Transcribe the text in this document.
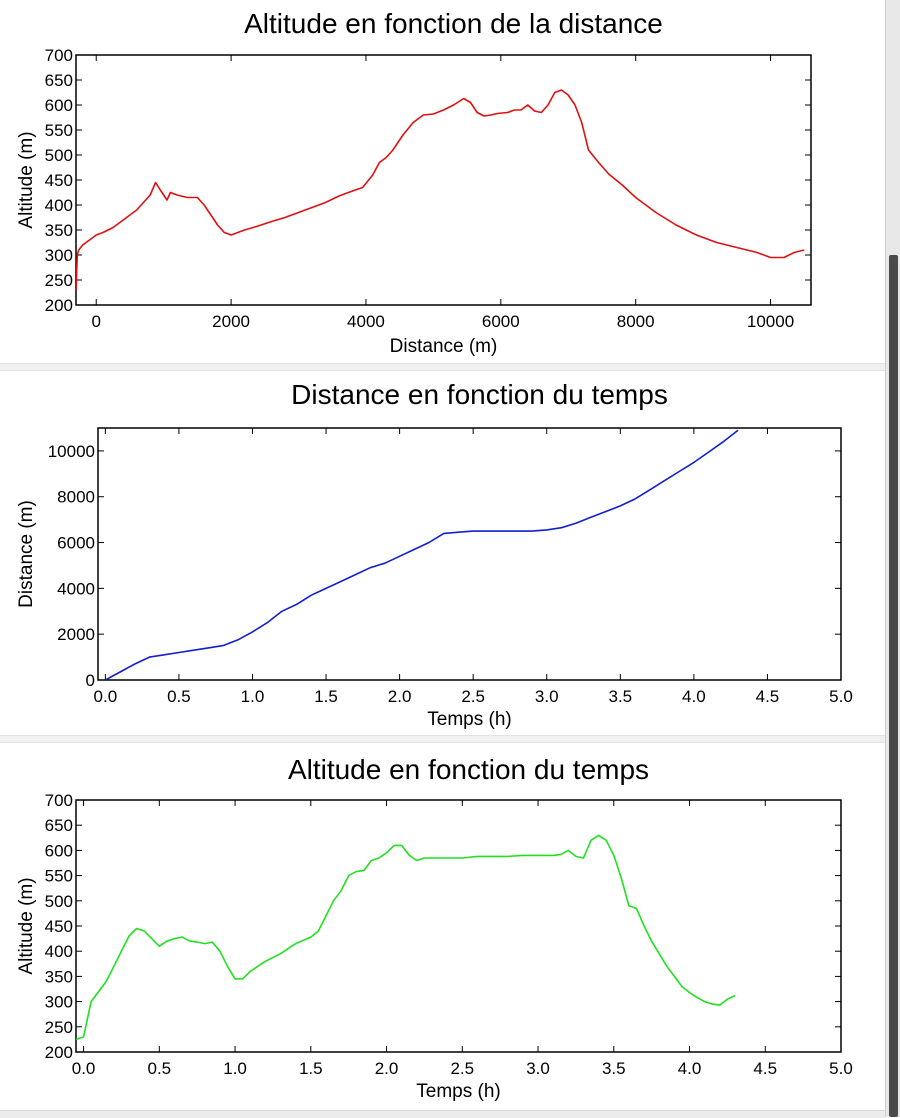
Altitude en fonction de la distance
200
250
300
350
400
450
500
550
600
650
700
0	2000	4000	6000	8000	10000
Distance (m)
Altitude (m)
Distance en fonction du temps
0
2000
4000
6000
8000
10000
0.0	0.5	1.0	1.5	2.0	2.5	3.0	3.5	4.0	4.5	5.0
Temps (h)
Distance (m)
Altitude en fonction du temps
200
250
300
350
400
450
500
550
600
650
700
0.0	0.5	1.0	1.5	2.0	2.5	3.0	3.5	4.0	4.5	5.0
Temps (h)
Altitude (m)
